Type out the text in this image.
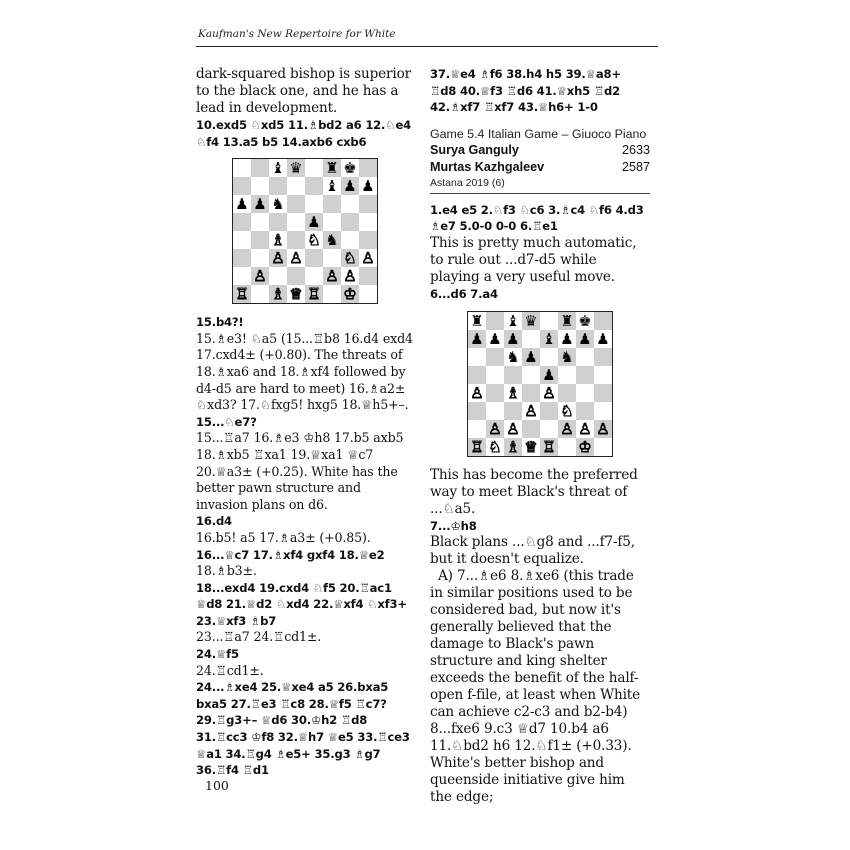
Kaufman's New Repertoire for White

dark-squared bishop is superior to the black one, and he has a lead in development.

10.exd5 ♘xd5 11.♗bd2 a6 12.♘e4 ♘f4 13.a5 b5 14.axb6 cxb6

♝ ♛ ♜ ♚
♝ ♟ ♟
♟ ♟ ♞
♟
♗ ♘ ♞
♙ ♙	♘ ♙
♙	♙ ♙
♖ ♗ ♕ ♖ ♔

15.b4?!

15.♗e3! ♘a5 (15...♖b8 16.d4 exd4 17.cxd4± (+0.80). The threats of 18.♗xa6 and 18.♗xf4 followed by d4-d5 are hard to meet) 16.♗a2± ♘xd3? 17.♘fxg5! hxg5 18.♕h5+–.

15...♘e7?

15...♖a7 16.♗e3 ♔h8 17.b5 axb5 18.♗xb5 ♖xa1 19.♕xa1 ♕c7 20.♕a3± (+0.25). White has the better pawn structure and invasion plans on d6.

16.d4

16.b5! a5 17.♗a3± (+0.85).

16...♕c7 17.♗xf4 gxf4 18.♕e2

18.♗b3±.

18...exd4 19.cxd4 ♘f5 20.♖ac1 ♕d8 21.♕d2 ♘xd4 22.♕xf4 ♘xf3+ 23.♕xf3 ♗b7

23...♖a7 24.♖cd1±.

24.♕f5

24.♖cd1±.

24...♗xe4 25.♕xe4 a5 26.bxa5 bxa5 27.♖e3 ♖c8 28.♕f5 ♖c7? 29.♖g3+– ♕d6 30.♔h2 ♖d8 31.♖cc3 ♔f8 32.♕h7 ♕e5 33.♖ce3 ♕a1 34.♖g4 ♗e5+ 35.g3 ♗g7 36.♖f4 ♖d1

37.♕e4 ♗f6 38.h4 h5 39.♕a8+ ♖d8 40.♕f3 ♖d6 41.♕xh5 ♖d2 42.♗xf7 ♖xf7 43.♕h6+ 1-0

Game 5.4 Italian Game – Giuoco Piano
Surya Ganguly	2633
Murtas Kazhgaleev	2587
Astana 2019 (6)

1.e4 e5 2.♘f3 ♘c6 3.♗c4 ♘f6 4.d3 ♗e7 5.0-0 0-0 6.♖e1

This is pretty much automatic, to rule out ...d7-d5 while playing a very useful move.

6...d6 7.a4

♜ ♝ ♛ ♜ ♚
♟ ♟ ♟ ♝ ♟ ♟ ♟
♞ ♟ ♞
♟
♙ ♗ ♙
♙ ♘
♙ ♙	♙ ♙ ♙
♖ ♘ ♗ ♕ ♖ ♔

This has become the preferred way to meet Black's threat of ...♘a5.

7...♔h8

Black plans ...♘g8 and ...f7-f5, but it doesn't equalize.

A) 7...♗e6 8.♗xe6 (this trade in similar positions used to be considered bad, but now it's generally believed that the damage to Black's pawn structure and king shelter exceeds the benefit of the half-open f-file, at least when White can achieve c2-c3 and b2-b4) 8...fxe6 9.c3 ♕d7 10.b4 a6 11.♘bd2 h6 12.♘f1± (+0.33). White's better bishop and queenside initiative give him the edge;

100
